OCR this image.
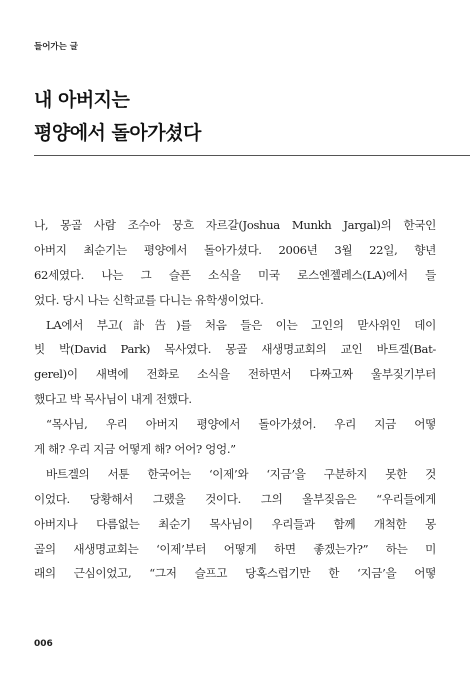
들어가는 글
내 아버지는
평양에서 돌아가셨다
나, 몽골 사람 조수아 뭉흐 자르갈(Joshua Munkh Jargal)의 한국인
아버지 최순기는 평양에서 돌아가셨다. 2006년 3월 22일, 향년
62세였다. 나는 그 슬픈 소식을 미국 로스엔젤레스(LA)에서 들
었다. 당시 나는 신학교를 다니는 유학생이었다.
LA에서 부고(訃告)를 처음 들은 이는 고인의 맏사위인 데이
빗 박(David Park) 목사였다. 몽골 새생명교회의 교인 바트겔(Bat-
gerel)이 새벽에 전화로 소식을 전하면서 다짜고짜 울부짖기부터
했다고 박 목사님이 내게 전했다.
“목사님, 우리 아버지 평양에서 돌아가셨어. 우리 지금 어떻
게 해? 우리 지금 어떻게 해? 어어? 엉엉.”
바트겔의 서툰 한국어는 ‘이제’와 ‘지금’을 구분하지 못한 것
이었다. 당황해서 그랬을 것이다. 그의 울부짖음은 “우리들에게
아버지나 다름없는 최순기 목사님이 우리들과 함께 개척한 몽
골의 새생명교회는 ‘이제’부터 어떻게 하면 좋겠는가?” 하는 미
래의 근심이었고, “그저 슬프고 당혹스럽기만 한 ‘지금’을 어떻
006
